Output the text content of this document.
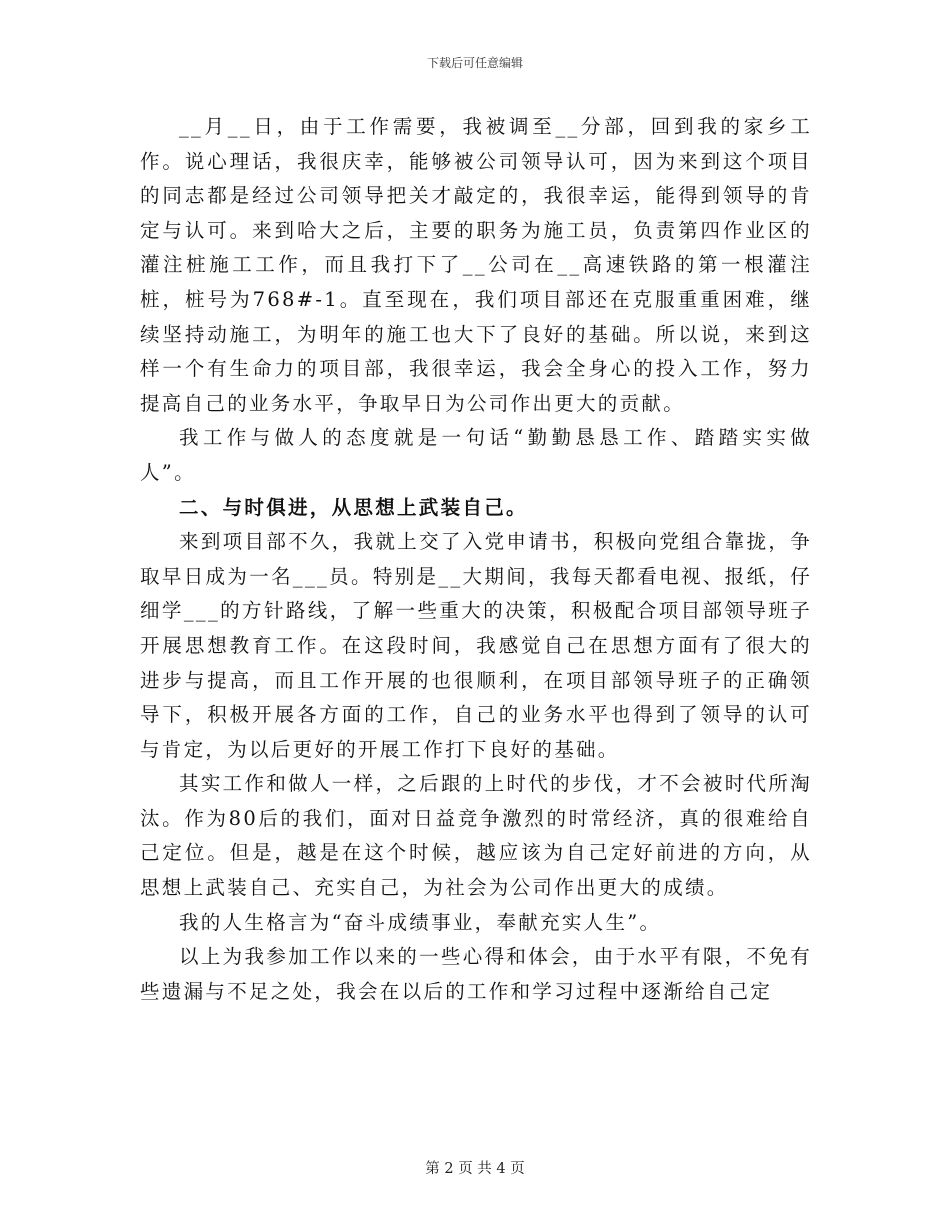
下载后可任意编辑

__月__日，由于工作需要，我被调至__分部，回到我的家乡工作。说心理话，我很庆幸，能够被公司领导认可，因为来到这个项目的同志都是经过公司领导把关才敲定的，我很幸运，能得到领导的肯定与认可。来到哈大之后，主要的职务为施工员，负责第四作业区的灌注桩施工工作，而且我打下了__公司在__高速铁路的第一根灌注桩，桩号为768#-1。直至现在，我们项目部还在克服重重困难，继续坚持动施工，为明年的施工也大下了良好的基础。所以说，来到这样一个有生命力的项目部，我很幸运，我会全身心的投入工作，努力提高自己的业务水平，争取早日为公司作出更大的贡献。

我工作与做人的态度就是一句话“勤勤恳恳工作、踏踏实实做人”。

二、与时俱进，从思想上武装自己。

来到项目部不久，我就上交了入党申请书，积极向党组合靠拢，争取早日成为一名___员。特别是__大期间，我每天都看电视、报纸，仔细学___的方针路线，了解一些重大的决策，积极配合项目部领导班子开展思想教育工作。在这段时间，我感觉自己在思想方面有了很大的进步与提高，而且工作开展的也很顺利，在项目部领导班子的正确领导下，积极开展各方面的工作，自己的业务水平也得到了领导的认可与肯定，为以后更好的开展工作打下良好的基础。

其实工作和做人一样，之后跟的上时代的步伐，才不会被时代所淘汰。作为80后的我们，面对日益竞争激烈的时常经济，真的很难给自己定位。但是，越是在这个时候，越应该为自己定好前进的方向，从思想上武装自己、充实自己，为社会为公司作出更大的成绩。

我的人生格言为“奋斗成绩事业，奉献充实人生”。

以上为我参加工作以来的一些心得和体会，由于水平有限，不免有些遗漏与不足之处，我会在以后的工作和学习过程中逐渐给自己定

第 2 页 共 4 页
